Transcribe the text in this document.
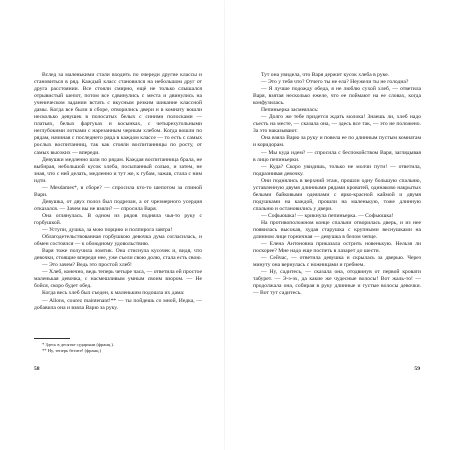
Вслед за маленькими стали входить по очереди другие классы и становиться в ряд. Каждый класс становился на небольшом друг от друга расстоянии. Все стояли смирно, ещё не только слышался отрывистый шепот, потом все сдвинулись с места и двинулись на ученическом задании встать с вкусным резким шикание классной дамы. Когда все были в сборе, отворились двери и в комнату вошли несколько девушек в полосатых белых с синими полосками — платьях, белых фартуках и косынках, с четырехугольными неглубокими лотками с нарезанным черным хлебом. Когда вошли по рядам, начиная с последнего ряда в каждом классе — то есть с самых рослых воспитанниц, так как стояли воспитанницы по росту, от самых высоких — впереди.

Девушки медленно шли по рядам. Каждая воспитанница брала, не выбирая, небольшой кусок хлеба, посыпанный солью, и затем, не зная, что с ней делать, медленно и тут же, к губам, зажав, стала с ним идти.

— Mesdames*, в сборе? — спросила кто-то шепотом за спиной Вари.

Девушка, от двух полоз был подрезан, а от чрезмерного усердия отказался. — Зачем вы не взяли? — спросила Варя.

Она оглянулась. В одном из рядов подняла чья-то руку с горбушкой.

— Уступи, душка, за мою порцию и полпирога завтра!

Облагодетельствованная горбушкою девочка дума согласилась, и обмен состоялся — к обоюдному удовольствию.

Варя тоже получила ломтик. Она стиснула кусочек и, видя, что девочки, стоящие впереди нее, уже съели свою долю, стала есть свою.

— Это зачем? Ведь это простой хлеб!

— Хлеб, конечно, ведь теперь четыре часа, — ответила ей простое маленькая девочка, с насмешливым умным своим взором. — Не бойся, скоро будет обед.

Когда весь хлеб был съеден, к маленьким подошла их дама:

— Allons, courez maintenant!** — ты пойдешь со мной, Иедка, — добавила она и взяла Варю за руку.

* Здесь в десятке сударыни (франц.).

** Ну, теперь бегите! (франц.)

58

Тут она увидела, что Варя держит кусок хлеба в руке.

— Это у тебя что? Отчего ты не ела? Неужели ты не голодна?

— Я лучше подожду обеда, я не люблю сухой хлеб, — ответила Варя, взятая несколько ежеле, что ее поймают на ее словах, когда конфузилась.

Пепиньерка засмеялась:

— Долго же тебе придется ждать молока! Знаешь ли, хлеб надо съесть на месте, — сказала она, — здесь все так, — это не положено. За это наказывают.

Она взяла Варю за руку и повела ее по длинным пустым комнатам и коридорам.

— Мы куда идем? — спросила с беспокойством Варя, заглядывая в лицо пепиньерки.

— Куда? Скоро увидишь, только не молчи пути! — ответила, подразнивая девочку.

Они поднялись в верхний этаж, прошли одну большую спальню, уставленную двумя длинными рядами кроватей, одинаково накрытых белыми байковыми одеялами с ярко-красной каймой и двумя подушками на каждой, прошли на маленькую, тоже длинную спальню и остановились у двери.

— Софьюшка! — крикнула пепиньерка. — Софьюшка!

На противоположном конце спальни отворилась дверь, и из нее появилась высокая, худая старушка с крупными веснушками на длинном лице горничная — девушка в белом чепце.

— Елена Антоновна приказала острить новенькую. Нельзя ли поскорее? Мне надо еще поспеть в лазарет до шести.

— Сейчас, — ответила девушка и скрылась за дверью. Через минуту она вернулась с ножницами и гребнем.

— Ну, садитесь, — сказала она, отодвинув от первой кровати табурет. — Э-э-эх, да какие же чудесные волосы! Вот жаль-то! — продолжала она, собирая в руку длинные и густые волосы девочки. — Вот тут садитесь.

59
